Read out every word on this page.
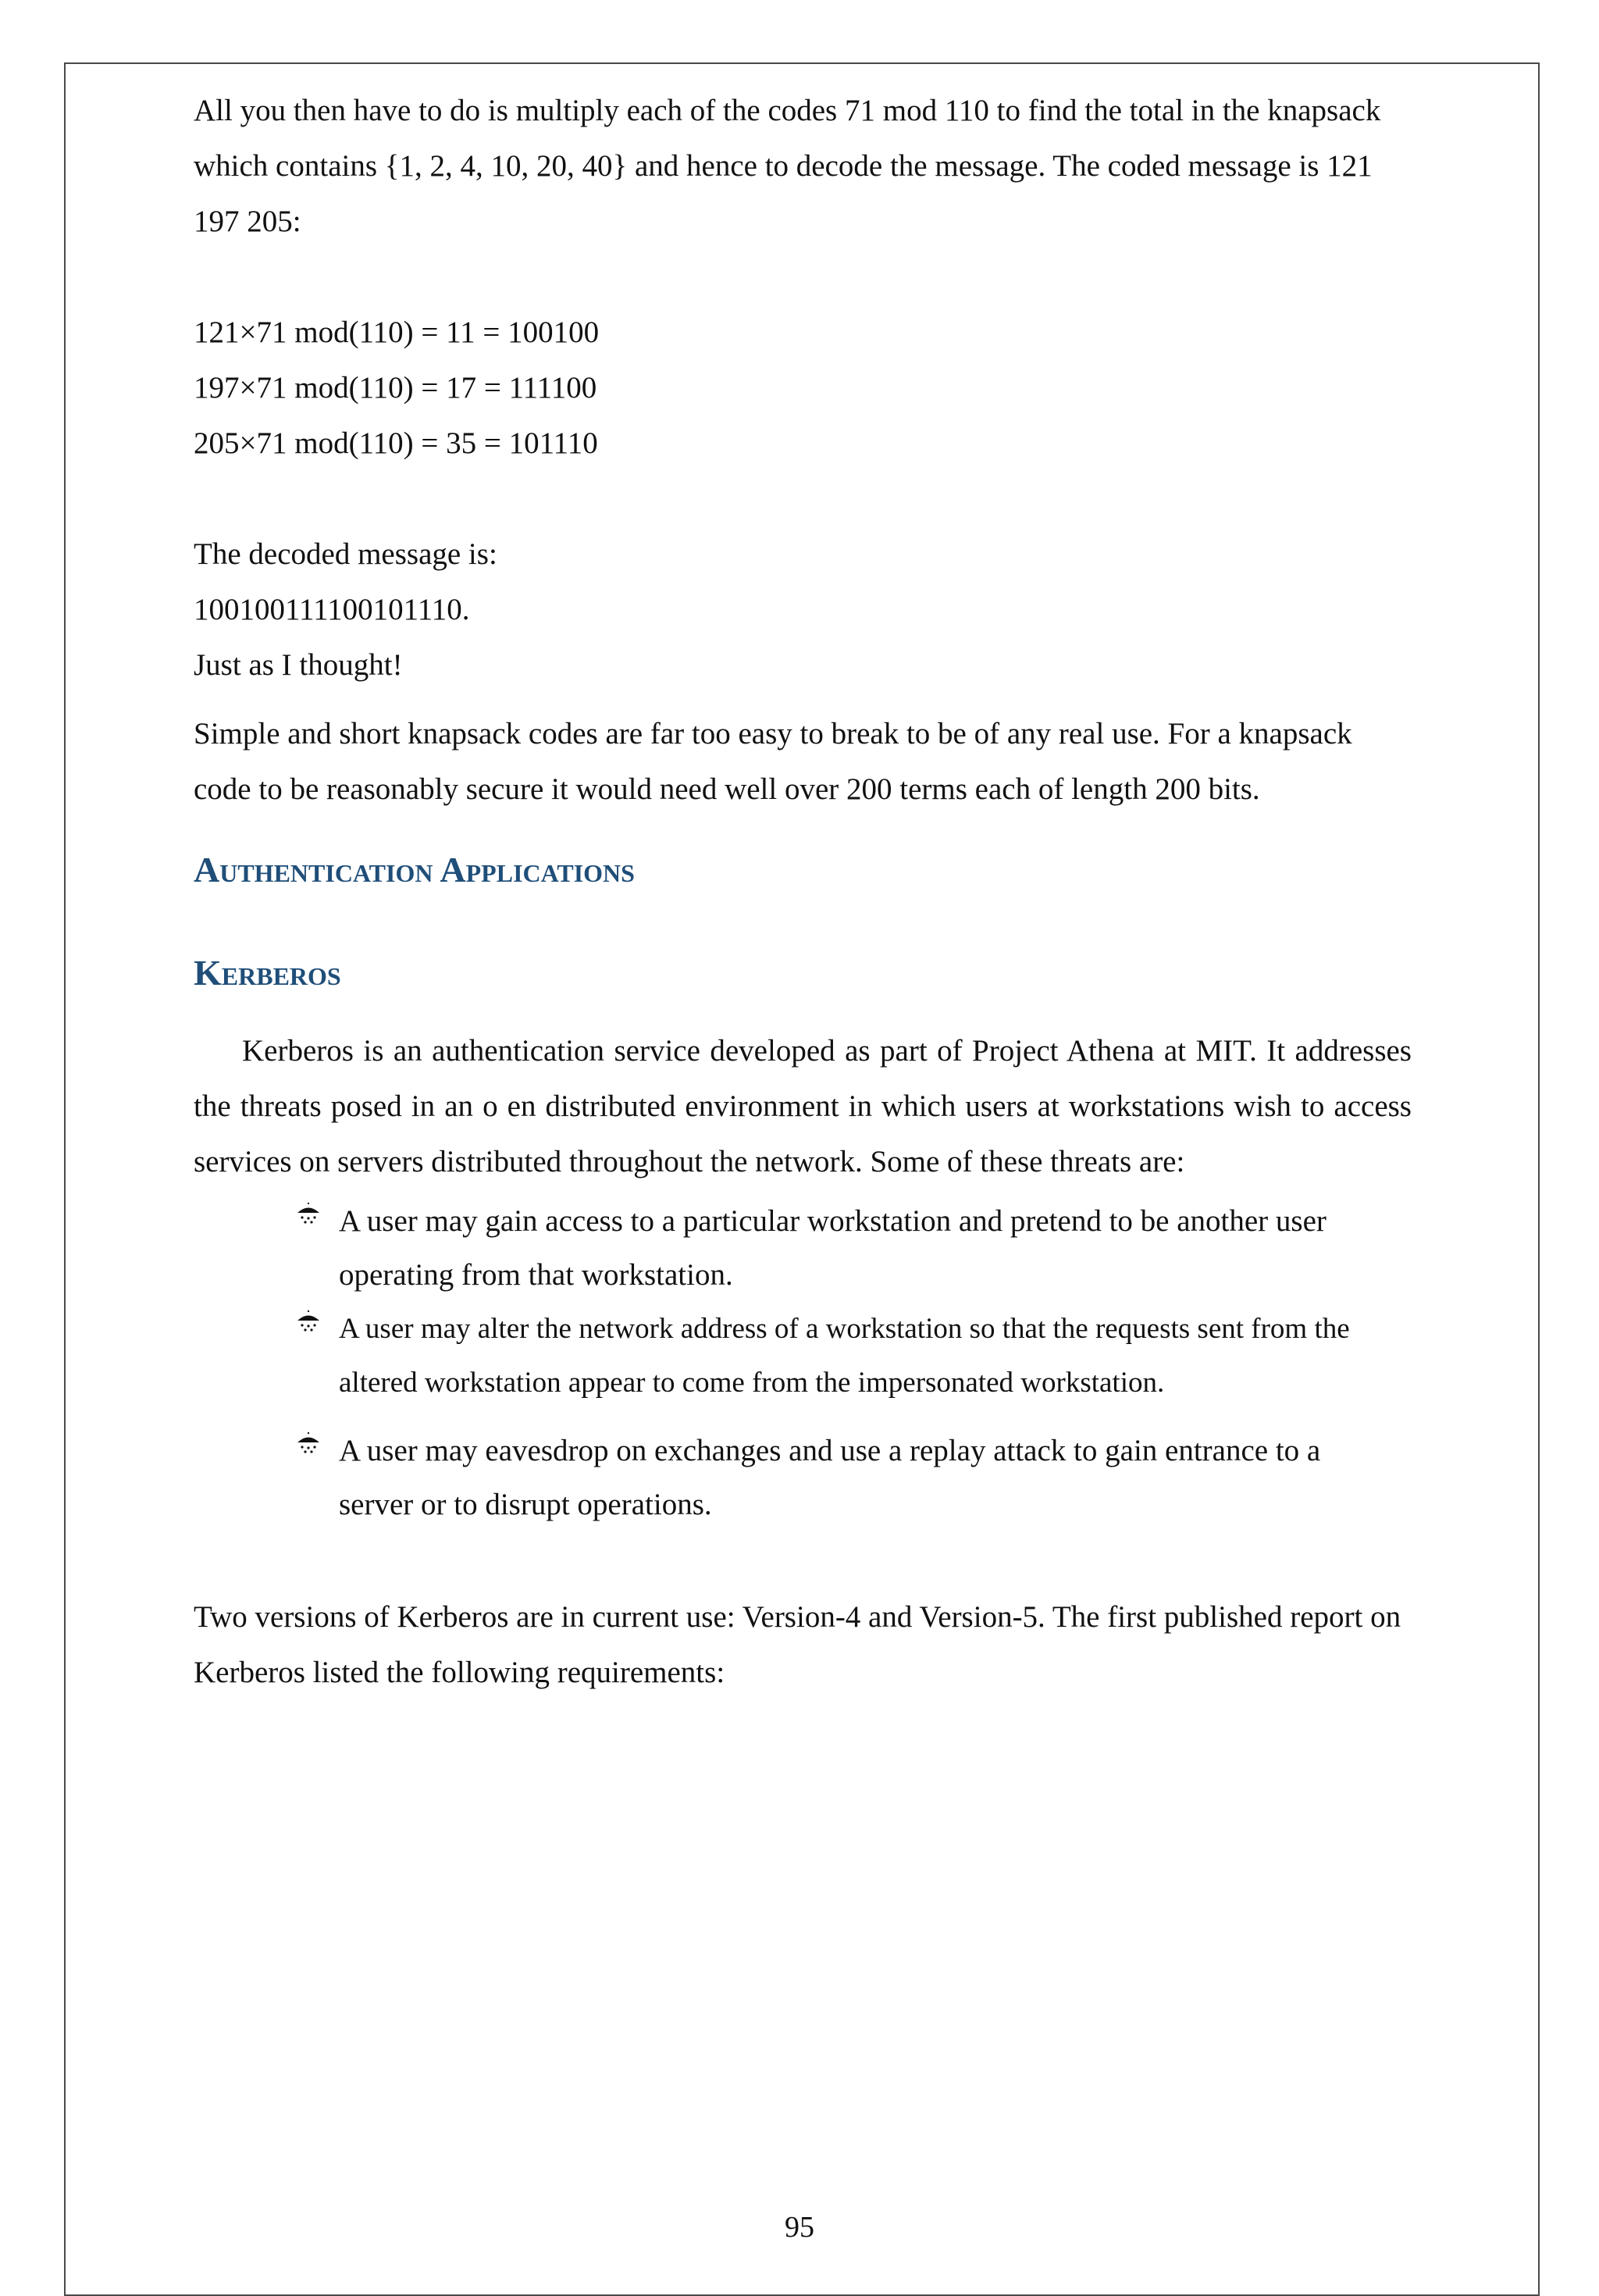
All you then have to do is multiply each of the codes 71 mod 110 to find the total in the knapsack which contains {1, 2, 4, 10, 20, 40} and hence to decode the message. The coded message is 121 197 205:

121×71 mod(110) = 11 = 100100

197×71 mod(110) = 17 = 111100

205×71 mod(110) = 35 = 101110

The decoded message is:

100100111100101110.

Just as I thought!

Simple and short knapsack codes are far too easy to break to be of any real use. For a knapsack code to be reasonably secure it would need well over 200 terms each of length 200 bits.

Authentication Applications
Kerberos

Kerberos is an authentication service developed as part of Project Athena at MIT. It addresses the threats posed in an o en distributed environment in which users at workstations wish to access services on servers distributed throughout the network. Some of these threats are:

A user may gain access to a particular workstation and pretend to be another user operating from that workstation.
A user may alter the network address of a workstation so that the requests sent from the altered workstation appear to come from the impersonated workstation.
A user may eavesdrop on exchanges and use a replay attack to gain entrance to a server or to disrupt operations.

Two versions of Kerberos are in current use: Version-4 and Version-5. The first published report on Kerberos listed the following requirements:

95
